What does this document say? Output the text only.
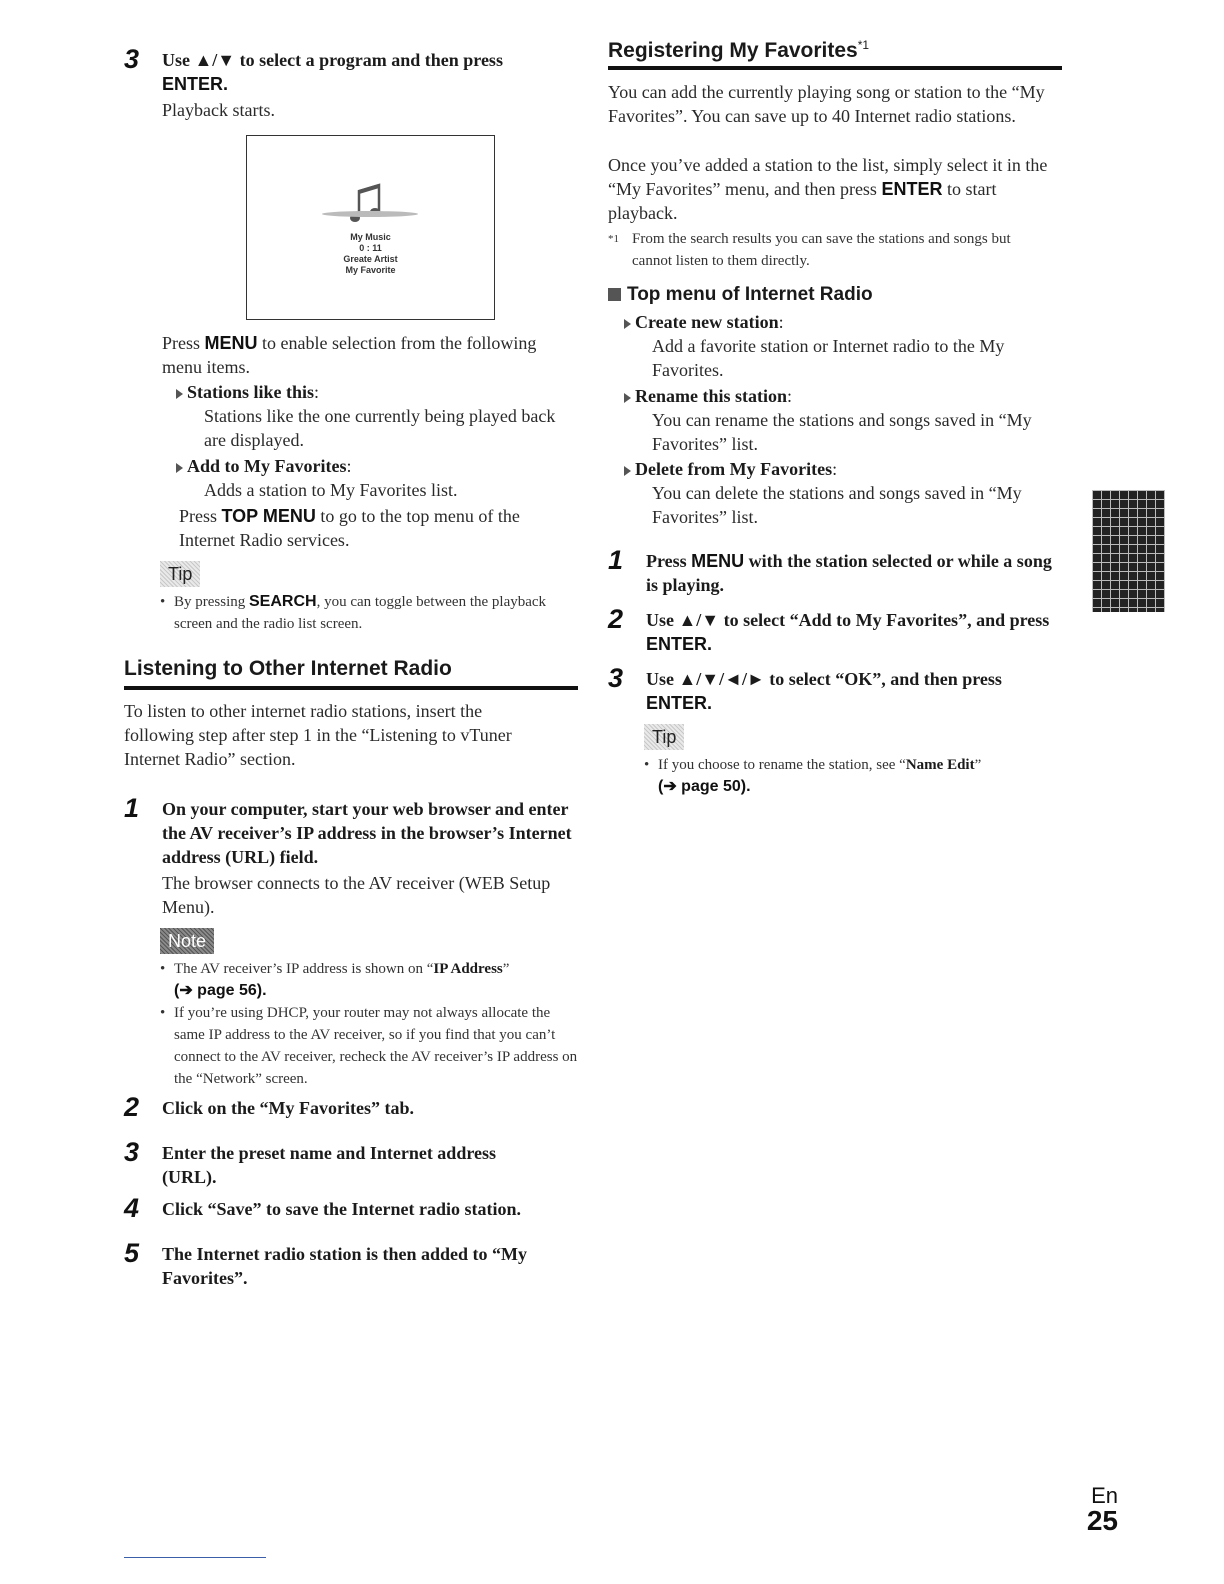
3 Use ▲/▼ to select a program and then press
ENTER.
Playback starts.
My Music
0 : 11
Greate Artist
My Favorite
Press MENU to enable selection from the following menu items.
Stations like this:
Stations like the one currently being played back are displayed.
Add to My Favorites:
Adds a station to My Favorites list.
Press TOP MENU to go to the top menu of the Internet Radio services.
Tip
• By pressing SEARCH, you can toggle between the playback screen and the radio list screen.
Listening to Other Internet Radio
To listen to other internet radio stations, insert the following step after step 1 in the “Listening to vTuner Internet Radio” section.
1 On your computer, start your web browser and enter the AV receiver’s IP address in the browser’s Internet address (URL) field.
The browser connects to the AV receiver (WEB Setup Menu).
Note
• The AV receiver’s IP address is shown on “IP Address”
(➔ page 56).
• If you’re using DHCP, your router may not always allocate the same IP address to the AV receiver, so if you find that you can’t connect to the AV receiver, recheck the AV receiver’s IP address on the “Network” screen.
2 Click on the “My Favorites” tab.
3 Enter the preset name and Internet address (URL).
4 Click “Save” to save the Internet radio station.
5 The Internet radio station is then added to “My Favorites”.
Registering My Favorites$^{*1}$
You can add the currently playing song or station to the “My Favorites”. You can save up to 40 Internet radio stations.
Once you’ve added a station to the list, simply select it in the “My Favorites” menu, and then press ENTER to start playback.
*1 From the search results you can save the stations and songs but cannot listen to them directly.
Top menu of Internet Radio
Create new station:
Add a favorite station or Internet radio to the My Favorites.
Rename this station:
You can rename the stations and songs saved in “My Favorites” list.
Delete from My Favorites:
You can delete the stations and songs saved in “My Favorites” list.
1 Press MENU with the station selected or while a song is playing.
2 Use ▲/▼ to select “Add to My Favorites”, and press
ENTER.
3 Use ▲/▼/◄/► to select “OK”, and then press
ENTER.
Tip
• If you choose to rename the station, see “Name Edit”
(➔ page 50).
En
25
